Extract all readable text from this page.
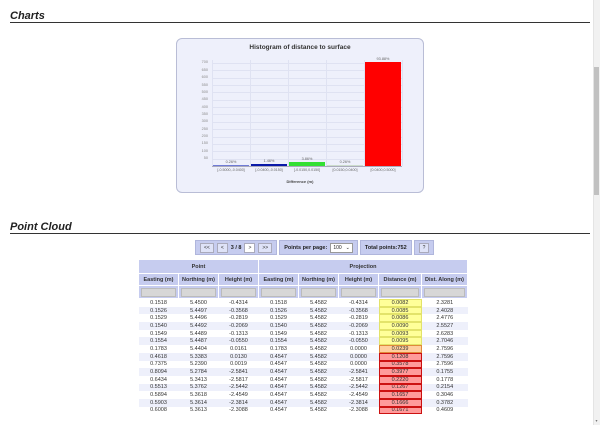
Charts
Histogram of distance to surface
50
100
150
200
250
300
350
400
450
500
550
600
650
700
0.26%
[-0.5000,-0.0400]
1.46%
[-0.0400,-0.0150]
3.86%
[-0.0150,0.0150]
0.26%
[0.0150,0.0400]
93.88%
[0.0400,0.5000]
Difference (m)
Point Cloud
<<	<	3 / 8	>	>>	Points per page: 100 ⌄	Total points:752	?
Point			Projection				
Easting (m)	Northing (m)	Height (m)	Easting (m)	Northing (m)	Height (m)	Distance (m)	Dist. Along (m)

0.1518	5.4500	-0.4314	0.1518	5.4582	-0.4314	0.0082	2.3281
0.1526	5.4497	-0.3568	0.1526	5.4582	-0.3568	0.0085	2.4028
0.1529	5.4496	-0.2819	0.1529	5.4582	-0.2819	0.0086	2.4776
0.1540	5.4492	-0.2069	0.1540	5.4582	-0.2069	0.0090	2.5527
0.1549	5.4489	-0.1313	0.1549	5.4582	-0.1313	0.0093	2.6283
0.1554	5.4487	-0.0550	0.1554	5.4582	-0.0550	0.0095	2.7046
0.1783	5.4404	0.0161	0.1783	5.4582	0.0000	0.0239	2.7596
0.4618	5.3383	0.0130	0.4547	5.4582	0.0000	0.1208	2.7596
0.7375	5.2390	0.0019	0.4547	5.4582	0.0000	0.3578	2.7596
0.8094	5.2784	-2.5841	0.4547	5.4582	-2.5841	0.3977	0.1755
0.6434	5.3413	-2.5817	0.4547	5.4582	-2.5817	0.2220	0.1778
0.5513	5.3762	-2.5442	0.4547	5.4582	-2.5442	0.1267	0.2154
0.5894	5.3618	-2.4549	0.4547	5.4582	-2.4549	0.1657	0.3046
0.5903	5.3614	-2.3814	0.4547	5.4582	-2.3814	0.1666	0.3782
0.6008	5.3613	-2.3088	0.4547	5.4582	-2.3088	0.1671	0.4609
▾
